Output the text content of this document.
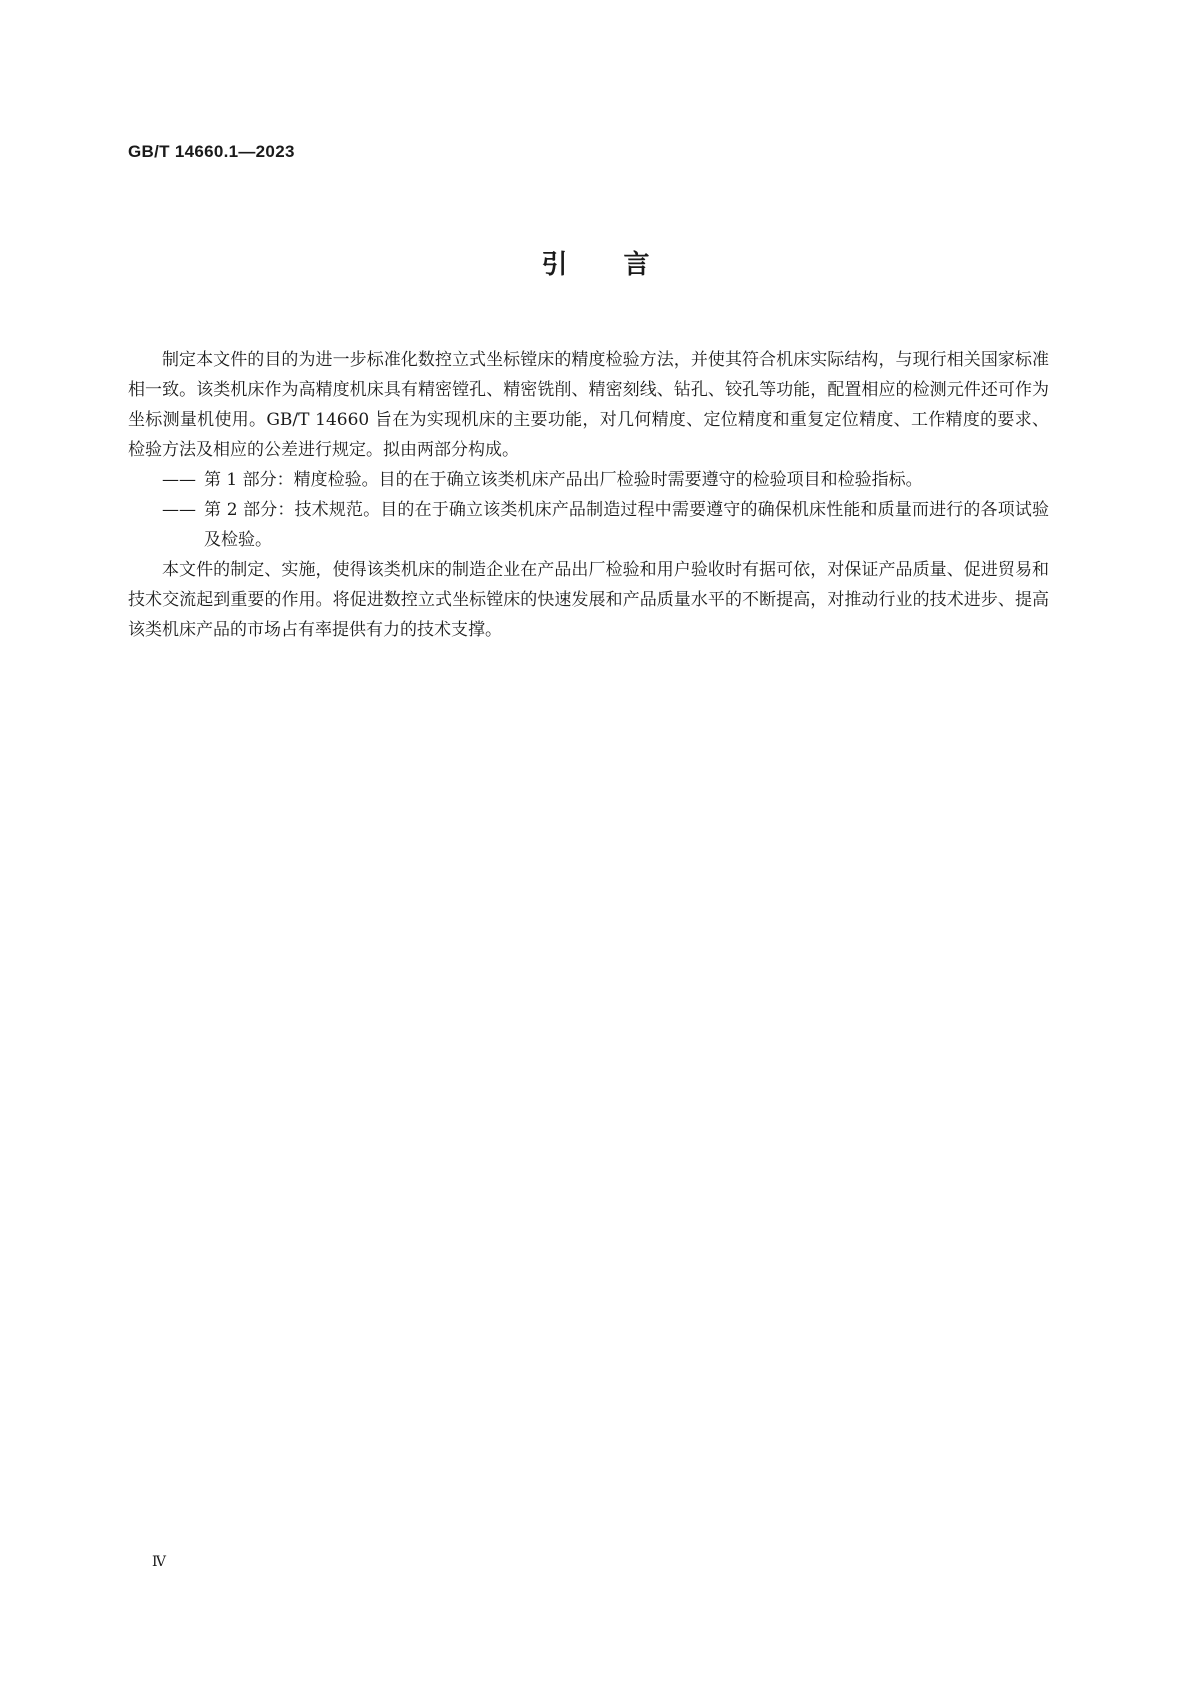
GB/T 14660.1—2023
引言

制定本文件的目的为进一步标准化数控立式坐标镗床的精度检验方法，并使其符合机床实际结构，与现行相关国家标准相一致。该类机床作为高精度机床具有精密镗孔、精密铣削、精密刻线、钻孔、铰孔等功能，配置相应的检测元件还可作为坐标测量机使用。GB/T 14660 旨在为实现机床的主要功能，对几何精度、定位精度和重复定位精度、工作精度的要求、检验方法及相应的公差进行规定。拟由两部分构成。

—— 第 1 部分：精度检验。目的在于确立该类机床产品出厂检验时需要遵守的检验项目和检验指标。
—— 第 2 部分：技术规范。目的在于确立该类机床产品制造过程中需要遵守的确保机床性能和质量而进行的各项试验及检验。

本文件的制定、实施，使得该类机床的制造企业在产品出厂检验和用户验收时有据可依，对保证产品质量、促进贸易和技术交流起到重要的作用。将促进数控立式坐标镗床的快速发展和产品质量水平的不断提高，对推动行业的技术进步、提高该类机床产品的市场占有率提供有力的技术支撑。

Ⅳ
